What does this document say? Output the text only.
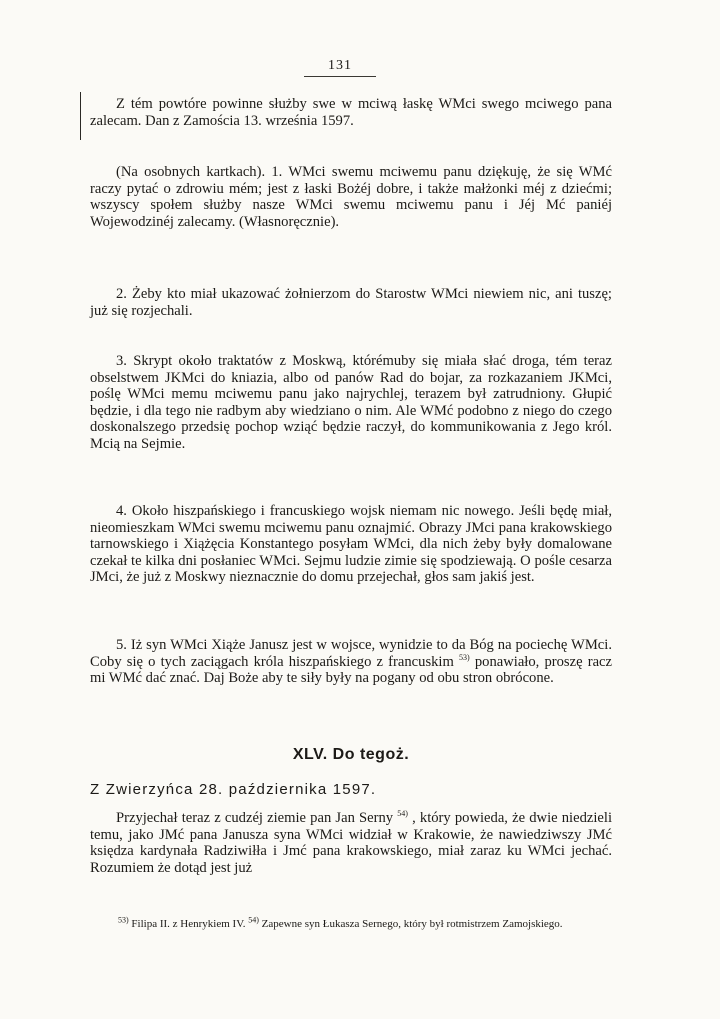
131

Z tém powtóre powinne służby swe w mciwą łaskę WMci swego mciwego pana zalecam. Dan z Zamościa 13. września 1597.

(Na osobnych kartkach). 1. WMci swemu mciwemu panu dziękuję, że się WMć raczy pytać o zdrowiu mém; jest z łaski Bożéj dobre, i także małżonki méj z dziećmi; wszyscy społem służby nasze WMci swemu mciwemu panu i Jéj Mć paniéj Wojewodzinéj zalecamy. (Własnoręcznie).

2. Żeby kto miał ukazować żołnierzom do Starostw WMci niewiem nic, ani tuszę; już się rozjechali.

3. Skrypt około traktatów z Moskwą, którémuby się miała słać droga, tém teraz obselstwem JKMci do kniazia, albo od panów Rad do bojar, za rozkazaniem JKMci, poślę WMci memu mciwemu panu jako najrychlej, terazem był zatrudniony. Głupić będzie, i dla tego nie radbym aby wiedziano o nim. Ale WMć podobno z niego do czego doskonalszego przedsię pochop wziąć będzie raczył, do kommunikowania z Jego król. Mcią na Sejmie.

4. Około hiszpańskiego i francuskiego wojsk niemam nic nowego. Jeśli będę miał, nieomieszkam WMci swemu mciwemu panu oznajmić. Obrazy JMci pana krakowskiego tarnowskiego i Xiążęcia Konstantego posyłam WMci, dla nich żeby były domalowane czekał te kilka dni posłaniec WMci. Sejmu ludzie zimie się spodziewają. O pośle cesarza JMci, że już z Moskwy nieznacznie do domu przejechał, głos sam jakiś jest.

5. Iż syn WMci Xiąże Janusz jest w wojsce, wynidzie to da Bóg na pociechę WMci. Coby się o tych zaciągach króla hiszpańskiego z francuskim $^{53)}$ ponawiało, proszę racz mi WMć dać znać. Daj Boże aby te siły były na pogany od obu stron obrócone.

XLV. Do tegoż.
Z Zwierzyńca 28. października 1597.

Przyjechał teraz z cudzéj ziemie pan Jan Serny $^{54)}$ , który powieda, że dwie niedzieli temu, jako JMć pana Janusza syna WMci widział w Krakowie, że nawiedziwszy JMć księdza kardynała Radziwiłła i Jmć pana krakowskiego, miał zaraz ku WMci jechać. Rozumiem że dotąd jest już

$^{53)}$ Filipa II. z Henrykiem IV. $^{54)}$ Zapewne syn Łukasza Sernego, który był rotmistrzem Zamojskiego.
